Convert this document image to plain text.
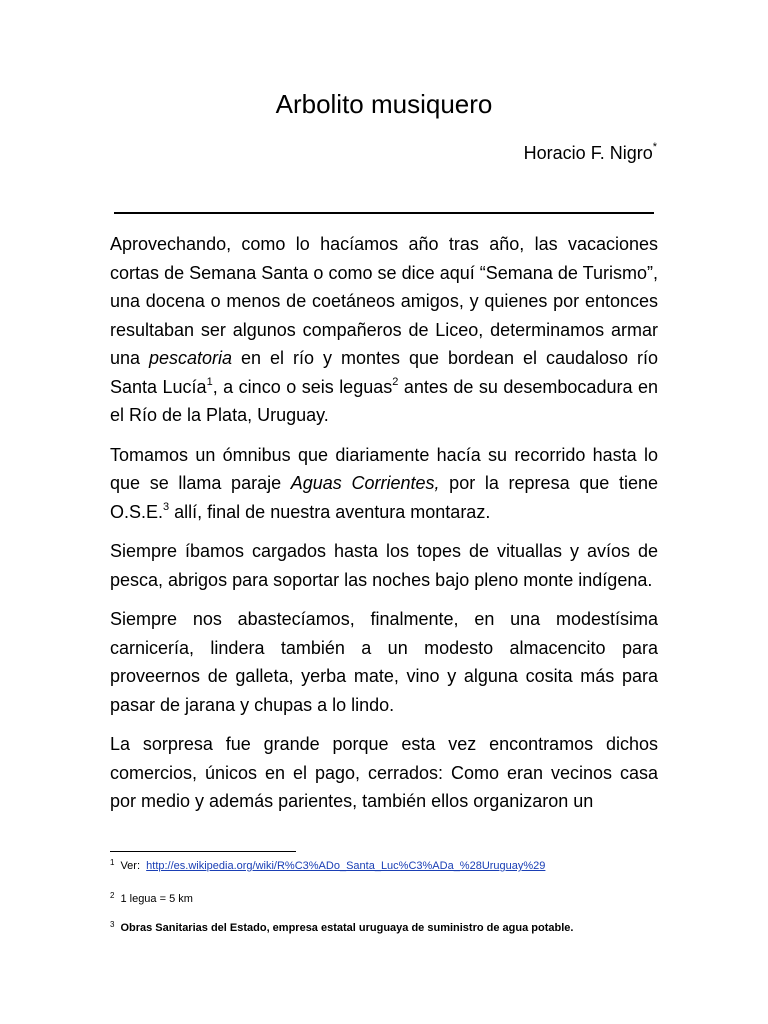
Arbolito musiquero
Horacio F. Nigro*

Aprovechando, como lo hacíamos año tras año, las vacaciones cortas de Semana Santa o como se dice aquí “Semana de Turismo”, una docena o menos de coetáneos amigos, y quienes por entonces resultaban ser algunos compañeros de Liceo, determinamos armar una pescatoria en el río y montes que bordean el caudaloso río Santa Lucía$^1$, a cinco o seis leguas$^2$ antes de su desembocadura en el Río de la Plata, Uruguay.

Tomamos un ómnibus que diariamente hacía su recorrido hasta lo que se llama paraje Aguas Corrientes, por la represa que tiene O.S.E.$^3$ allí, final de nuestra aventura montaraz.

Siempre íbamos cargados hasta los topes de vituallas y avíos de pesca, abrigos para soportar las noches bajo pleno monte indígena.

Siempre nos abastecíamos, finalmente, en una modestísima carnicería, lindera también a un modesto almacencito para proveernos de galleta, yerba mate, vino y alguna cosita más para pasar de jarana y chupas a lo lindo.

La sorpresa fue grande porque esta vez encontramos dichos comercios, únicos en el pago, cerrados: Como eran vecinos casa por medio y además parientes, también ellos organizaron un

$^1$ Ver: http://es.wikipedia.org/wiki/R%C3%ADo_Santa_Luc%C3%ADa_%28Uruguay%29
$^2$ 1 legua = 5 km
$^3$ Obras Sanitarias del Estado, empresa estatal uruguaya de suministro de agua potable.
